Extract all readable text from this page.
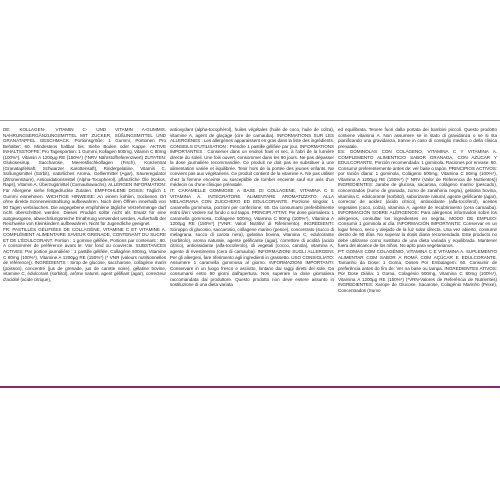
DE: KOLLAGEN-, VITAMIN C- UND VITAMIN A-GUMMIS. NAHRUNGSERGÄNZUNGSMITTEL MIT ZUCKER, SÜßUNGSMITTEL UND GRANATAPFEL GESCHMACK. Portionsgröße: 1 Gummi, Portionen Pro Behälter: 60. Mindestens haltbar bis: Siehe Boden oder Kappe. AKTIVE INHALTSSTOFFE: Pro Tagesportion: 1 Gummi, Kollagen 500mg, Vitamin C 80mg (100%*), Vitamin A 1200µg RE (150%*) (*NRV Nährstoffreferenzwert) ZUTATEN: Glukosesirup, Saccharose, Meeresfischkollagen (Fisch), Konzentrat (Granatapfelsaft, Schwarzer Karottensaft), Rindergelatine, Vitamin C, Süßungsmittel (Sorbit), natürliches Aroma, Gelliermittel (Agar), Säureregulator (Zitronensäure), Antioxidationsmittel (Alpha-Tocopherol), pflanzliche Öle (Kokos, Raps), Vitamin A, Überzugsmittel (Carnaubawachs). ALLERGEN INFORMATION: Für Allergene siehe fettgedruckte Zutaten. EMPFOHLENE DOSIS: Täglich 1 Gummi einnehmen. WICHTIGE HINWEISE: An einem kühlen, trockenen Ort ohne direkte Sonneneinstrahlung aufbewahren. Nach dem Öffnen innerhalb von 90 Tagen verbrauchen. Die angegebene empfohlene tägliche Verzehrmenge darf nicht überschritten werden. Dieses Produkt sollte nicht als Ersatz für eine ausgewogene, abwechslungsreiche Ernährung verwendet werden. Außerhalb der Reichweite von Kleinkindern aufbewahren. Nicht für Jugendliche geeignet.
FR: PASTILLES GÉLIFIÉES DE COLLAGÈNE, VITAMINE C ET VITAMINE A. COMPLÉMENT ALIMENTAIRE SAVEUR GRENADE, CONTENANT DU SUCRE ET DE L'ÉDULCORANT. Portion : 1 gomme gélifiée, Portions par contenant : 60. A consommer de préférence avant le: Voir fond ou couvercle. SUBSTANCES ACTIVES: Par portion journalière : 1 pastille gélifiée, Collagène 500mg, Vitamine C 80mg (100%*), Vitamine A 1200µg RE (150%*) (* VNR (valeurs nutritionnelles de référence)). INGRÉDIENTS : Sirop de glucose, saccharose, collagène marin (poisson), concentré (jus de grenade, jus de carotte noire), gélatine bovine, vitamine C, édulcorant (sorbitol), arôme naturel, agent gélifiant (agar), correcteur d'acidité (acide citrique),
antioxydant (alpha-tocophérol), huiles végétales (huile de coco, huile de colza), vitamine A, agent de glaçage (cire de carnauba). INFORMATIONS SUR LES ALLERGÈNES : Les allergènes apparaissent en gras dans la liste des ingrédients. CONSEILS D'UTILISATION : Prendre 1 pastille gélifiée par jour. INFORMATIONS IMPORTANTES : Conserver dans un endroit frais et sec, à l'abri de la lumière directe du soleil. Une fois ouvert, consommer dans les 90 jours. Ne pas dépasser la dose journalière recommandée. Ce produit ne doit pas se substituer à une alimentation variée et équilibrée. Tenir hors de la portée des jeunes enfants. Ne convient pas aux végétariens. Ce produit contient de la vitamine A. Ne pas utiliser chez la femme enceinte ou susceptible de tomber enceinte sauf sur avis d'un médecin ou d'une clinique prénatale.
IT: CARAMELLE GOMMOSE A BASE DI COLLAGENE, VITAMINA C E VITAMINA A. INTEGRATORE ALIMENTARE AROMATIZZATO ALLA MELAGRANA CON ZUCCHERO ED EDULCORANTE. Porzione singola: 1 caramella gommosa, porzioni per confezione: 60. Da consumarsi preferibilmente entro il/en: vedere sul fondo o sul tappo. PRINCIPI ATTIVI: Per dose giornaliera: 1 caramella gommosa, Collagene 500mg, Vitamina C 80mg (100%*), Vitamina A 1200µg RE (150%*) (*VNR: Valori Nutritivi di Riferimento). INGREDIENTI: Sciroppo di glucosio, saccarosio, collagene marino (pesce), concentrato (succo di melagrana, succo di carota nera), gelatina bovina, vitamina C, edulcorante (sorbitolo), aroma naturale, agente gelificante (agar), correttore di acidità (acido citrico), antiossidante (alfa-tocoferolo), oli vegetali (cocco, canola), vitamina A, agente di rivestimento (cera di carnauba). INFORMAZIONI SUGLI ALLERGENI: Per gli allergeni, fare riferimento agli ingredienti in grassetto. USO CONSIGLIATO: Assumere 1 caramella gommosa al giorno. INFORMAZIONI IMPORTANTI: Conservare in un luogo fresco e asciutto, lontano dai raggi diretti del sole. Da consumarsi entro 90 giorni dall'apertura. Non superare la dose giornaliera raccomandata dal produttore. Questo prodotto non deve essere assunto in sostituzione di una dieta variata
ed equilibrata. Tenere fuori dalla portata dei bambini piccoli. Questo prodotto contiene vitamina A. Non assumere se in stato di gravidanza o se si sta pianificando una gravidanza, tranne in caso di consiglio medico o della clinica prenatale.
ES: GOMINOLAS CON COLÁGENO, VITAMINA C Y VITAMINA A. COMPLEMENTO ALIMENTICIO SABOR GRANADA, CON AZÚCAR Y EDULCORANTE. Porción recomendada: 1 gominola, Raciones por envase: 60. Consumir preferentemente antes de: ver base o tapón. PRINCIPIOS ACTIVOS: por ración diaria: 1 gominola, Colágeno 500mg, Vitamina C 80mg (100%*), Vitamina A 1200µg RE (150%*) (* NRV (Valor de Referencia de Nutrientes)) INGREDIENTES: Jarabe de glucosa, sacarosa, colágeno marino (pescado), concentrados (zumo de granada, zumo de zanahoria negra), gelatina bovina, vitamina C, edulcorante (sorbitol), saborizante natural, agente gelificante (agar), corrector de acidez (ácido cítrico), antioxidante (alfa-tocoferol), aceites vegetales (coco, colza), vitamina A, agente de recubrimiento (cera carnauba). INFORMACIÓN SOBRE ALÉRGENOS: Para alérgenos informados sobre los alérgenos, consultar los ingredientes en negrita. MODO DE EMPLEO: Consumir 1 gominola al día. INFORMACIÓN IMPORTANTE: Conservar en un lugar fresco, seco y alejado de la luz solar directa. Una vez abierto, consumir dentro de 90 días. No superar la dosis diaria recomendada. Este producto no debe utilizarse como sustituto de una dieta variada y equilibrada. Mantener fuera del alcance de los niños. No apto para vegetarianos.
PT: GOMAS COM COLAGÉNIO, VITAMINA C E VITAMINA A. SUPLEMENTO ALIMENTAR COM SABOR A ROMÃ COM AÇÚCAR E EDULCORANTE. Tamanho da Dose: 1 Goma, Doses Por Embalagem: 60. Consumir de preferência antes do fim de: Ver na base ou tampa. INGREDIENTES ATIVOS: Por Dose Diária: 1 Goma, Colagénio 500mg, Vitamina C 80mg (100%*), Vitamina A 1200µg RE (150%*) (*VRN-Valores de Referência de Nutrientes) INGREDIENTES: Xarope de Glucose, Sacarose, Colagénio Marinho (Peixe), Concentrados (Sumo
